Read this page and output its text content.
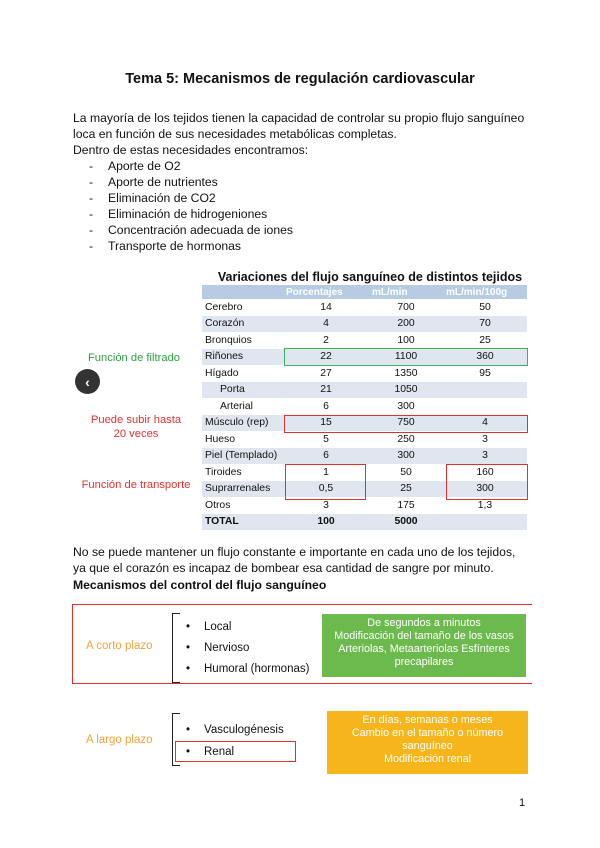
Tema 5: Mecanismos de regulación cardiovascular
La mayoría de los tejidos tienen la capacidad de controlar su propio flujo sanguíneo
loca en función de sus necesidades metabólicas completas.
Dentro de estas necesidades encontramos:
- Aporte de O2
- Aporte de nutrientes
- Eliminación de CO2
- Eliminación de hidrogeniones
- Concentración adecuada de iones
- Transporte de hormonas
Variaciones del flujo sanguíneo de distintos tejidos
	Porcentajes	mL/min	mL/min/100g
Cerebro	14	700	50
Corazón	4	200	70
Bronquios	2	100	25
Riñones	22	1100	360
Hígado	27	1350	95
Porta	21	1050	
Arterial	6	300	
Músculo (rep)	15	750	4
Hueso	5	250	3
Piel (Templado)	6	300	3
Tiroides	1	50	160
Suprarrenales	0,5	25	300
Otros	3	175	1,3
TOTAL	100	5000	
Función de filtrado
Puede subir hasta
20 veces
Función de transporte
‹
No se puede mantener un flujo constante e importante en cada uno de los tejidos,
ya que el corazón es incapaz de bombear esa cantidad de sangre por minuto.
Mecanismos del control del flujo sanguíneo
A corto plazo
• Local
• Nervioso
• Humoral (hormonas)
De segundos a minutos
Modificación del tamaño de los vasos
Arteriolas, Metaarteriolas Esfínteres
precapilares
A largo plazo
• Vasculogénesis
• Renal
En días, semanas o meses
Cambio en el tamaño o número
sanguíneo
Modificación renal
1
